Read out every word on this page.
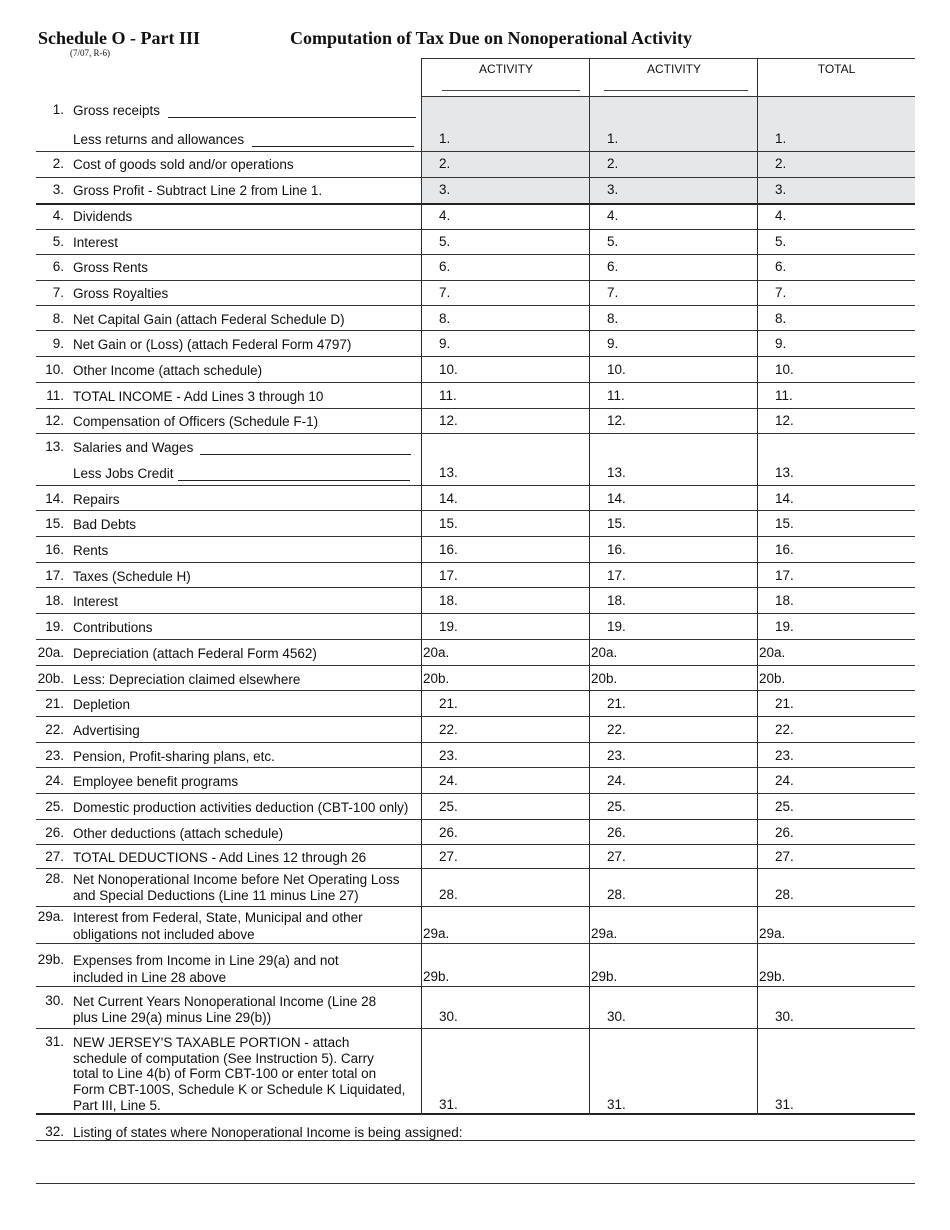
Schedule O - Part III
(7/07, R-6)
Computation of Tax Due on Nonoperational Activity
ACTIVITY	ACTIVITY	TOTAL
1. Gross receipts
Less returns and allowances	1.	1.	1.
2. Cost of goods sold and/or operations	2.	2.	2.
3. Gross Profit - Subtract Line 2 from Line 1.	3.	3.	3.
4. Dividends	4.	4.	4.
5. Interest	5.	5.	5.
6. Gross Rents	6.	6.	6.
7. Gross Royalties	7.	7.	7.
8. Net Capital Gain (attach Federal Schedule D)	8.	8.	8.
9. Net Gain or (Loss) (attach Federal Form 4797)	9.	9.	9.
10. Other Income (attach schedule)	10.	10.	10.
11. TOTAL INCOME - Add Lines 3 through 10	11.	11.	11.
12. Compensation of Officers (Schedule F-1)	12.	12.	12.
13. Salaries and Wages
Less Jobs Credit	13.	13.	13.
14. Repairs	14.	14.	14.
15. Bad Debts	15.	15.	15.
16. Rents	16.	16.	16.
17. Taxes (Schedule H)	17.	17.	17.
18. Interest	18.	18.	18.
19. Contributions	19.	19.	19.
20a. Depreciation (attach Federal Form 4562)	20a.	20a.	20a.
20b. Less: Depreciation claimed elsewhere	20b.	20b.	20b.
21. Depletion	21.	21.	21.
22. Advertising	22.	22.	22.
23. Pension, Profit-sharing plans, etc.	23.	23.	23.
24. Employee benefit programs	24.	24.	24.
25. Domestic production activities deduction (CBT-100 only) 25.	25.	25.
26. Other deductions (attach schedule)	26.	26.	26.
27. TOTAL DEDUCTIONS - Add Lines 12 through 26	27.	27.	27.
28. Net Nonoperational Income before Net Operating Loss
and Special Deductions (Line 11 minus Line 27)	28.	28.	28.
29a. Interest from Federal, State, Municipal and other
obligations not included above	29a.	29a.	29a.
29b. Expenses from Income in Line 29(a) and not
included in Line 28 above	29b.	29b.	29b.
30. Net Current Years Nonoperational Income (Line 28
plus Line 29(a) minus Line 29(b))	30.	30.	30.
31. NEW JERSEY'S TAXABLE PORTION - attach
schedule of computation (See Instruction 5). Carry
total to Line 4(b) of Form CBT-100 or enter total on
Form CBT-100S, Schedule K or Schedule K Liquidated,
Part III, Line 5.	31.	31.	31.
32. Listing of states where Nonoperational Income is being assigned:
